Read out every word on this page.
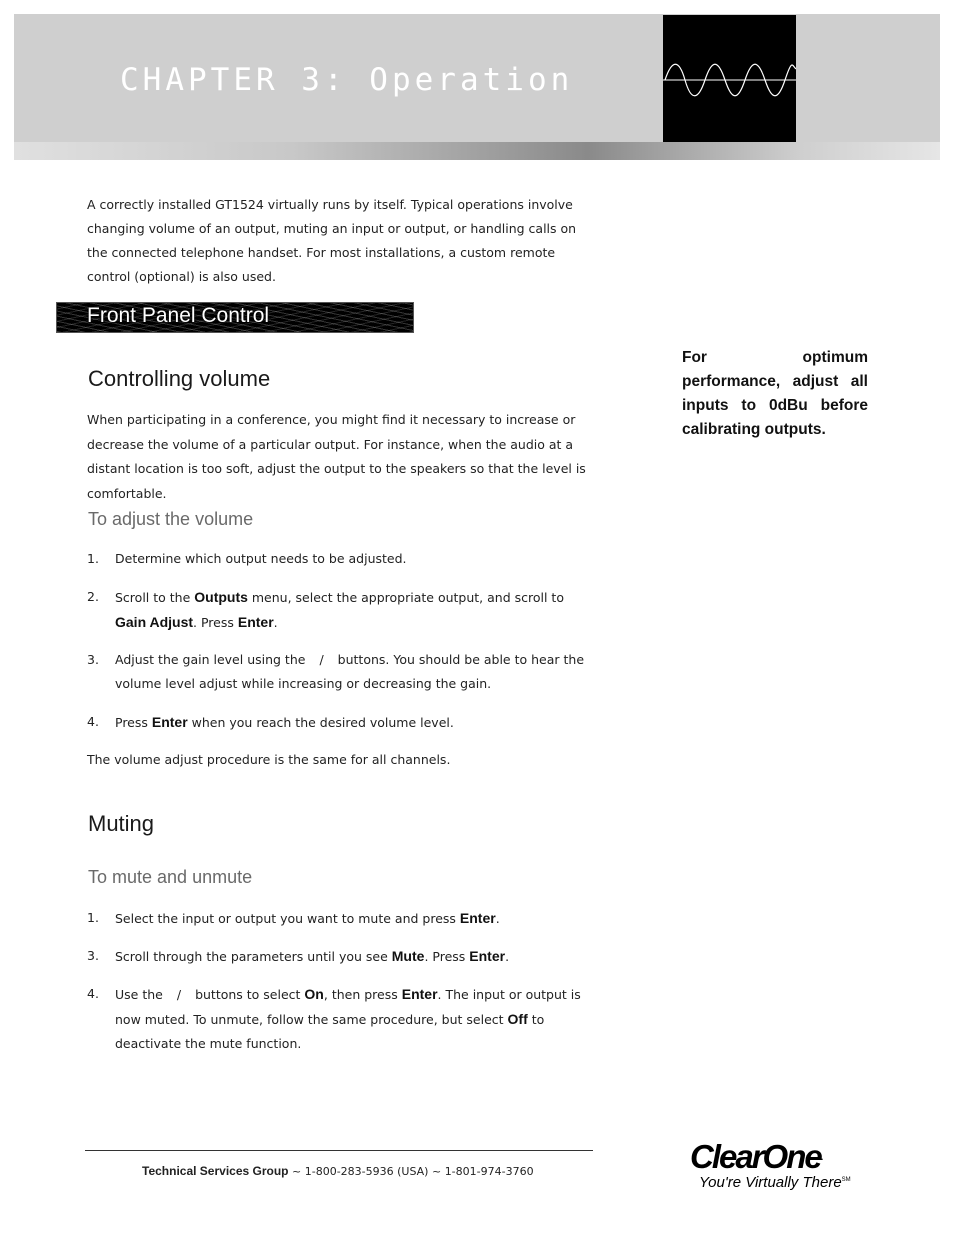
CHAPTER 3: Operation

A correctly installed GT1524 virtually runs by itself. Typical operations involve changing volume of an output, muting an input or output, or handling calls on the connected telephone handset. For most installations, a custom remote control (optional) is also used.

Front Panel Control
Controlling volume

When participating in a conference, you might find it necessary to increase or decrease the volume of a particular output. For instance, when the audio at a distant location is too soft, adjust the output to the speakers so that the level is comfortable.

To adjust the volume
1. Determine which output needs to be adjusted.
2. Scroll to the Outputs menu, select the appropriate output, and scroll to Gain Adjust. Press Enter.
3. Adjust the gain level using the / buttons. You should be able to hear the volume level adjust while increasing or decreasing the gain.
4. Press Enter when you reach the desired volume level.

The volume adjust procedure is the same for all channels.

Muting
To mute and unmute
1. Select the input or output you want to mute and press Enter.
3. Scroll through the parameters until you see Mute. Press Enter.
4. Use the / buttons to select On, then press Enter. The input or output is now muted. To unmute, follow the same procedure, but select Off to deactivate the mute function.

For optimum performance, adjust all inputs to 0dBu before calibrating outputs.

Technical Services Group ~ 1-800-283-5936 (USA) ~ 1-801-974-3760	ClearOne.
You're Virtually There℠
